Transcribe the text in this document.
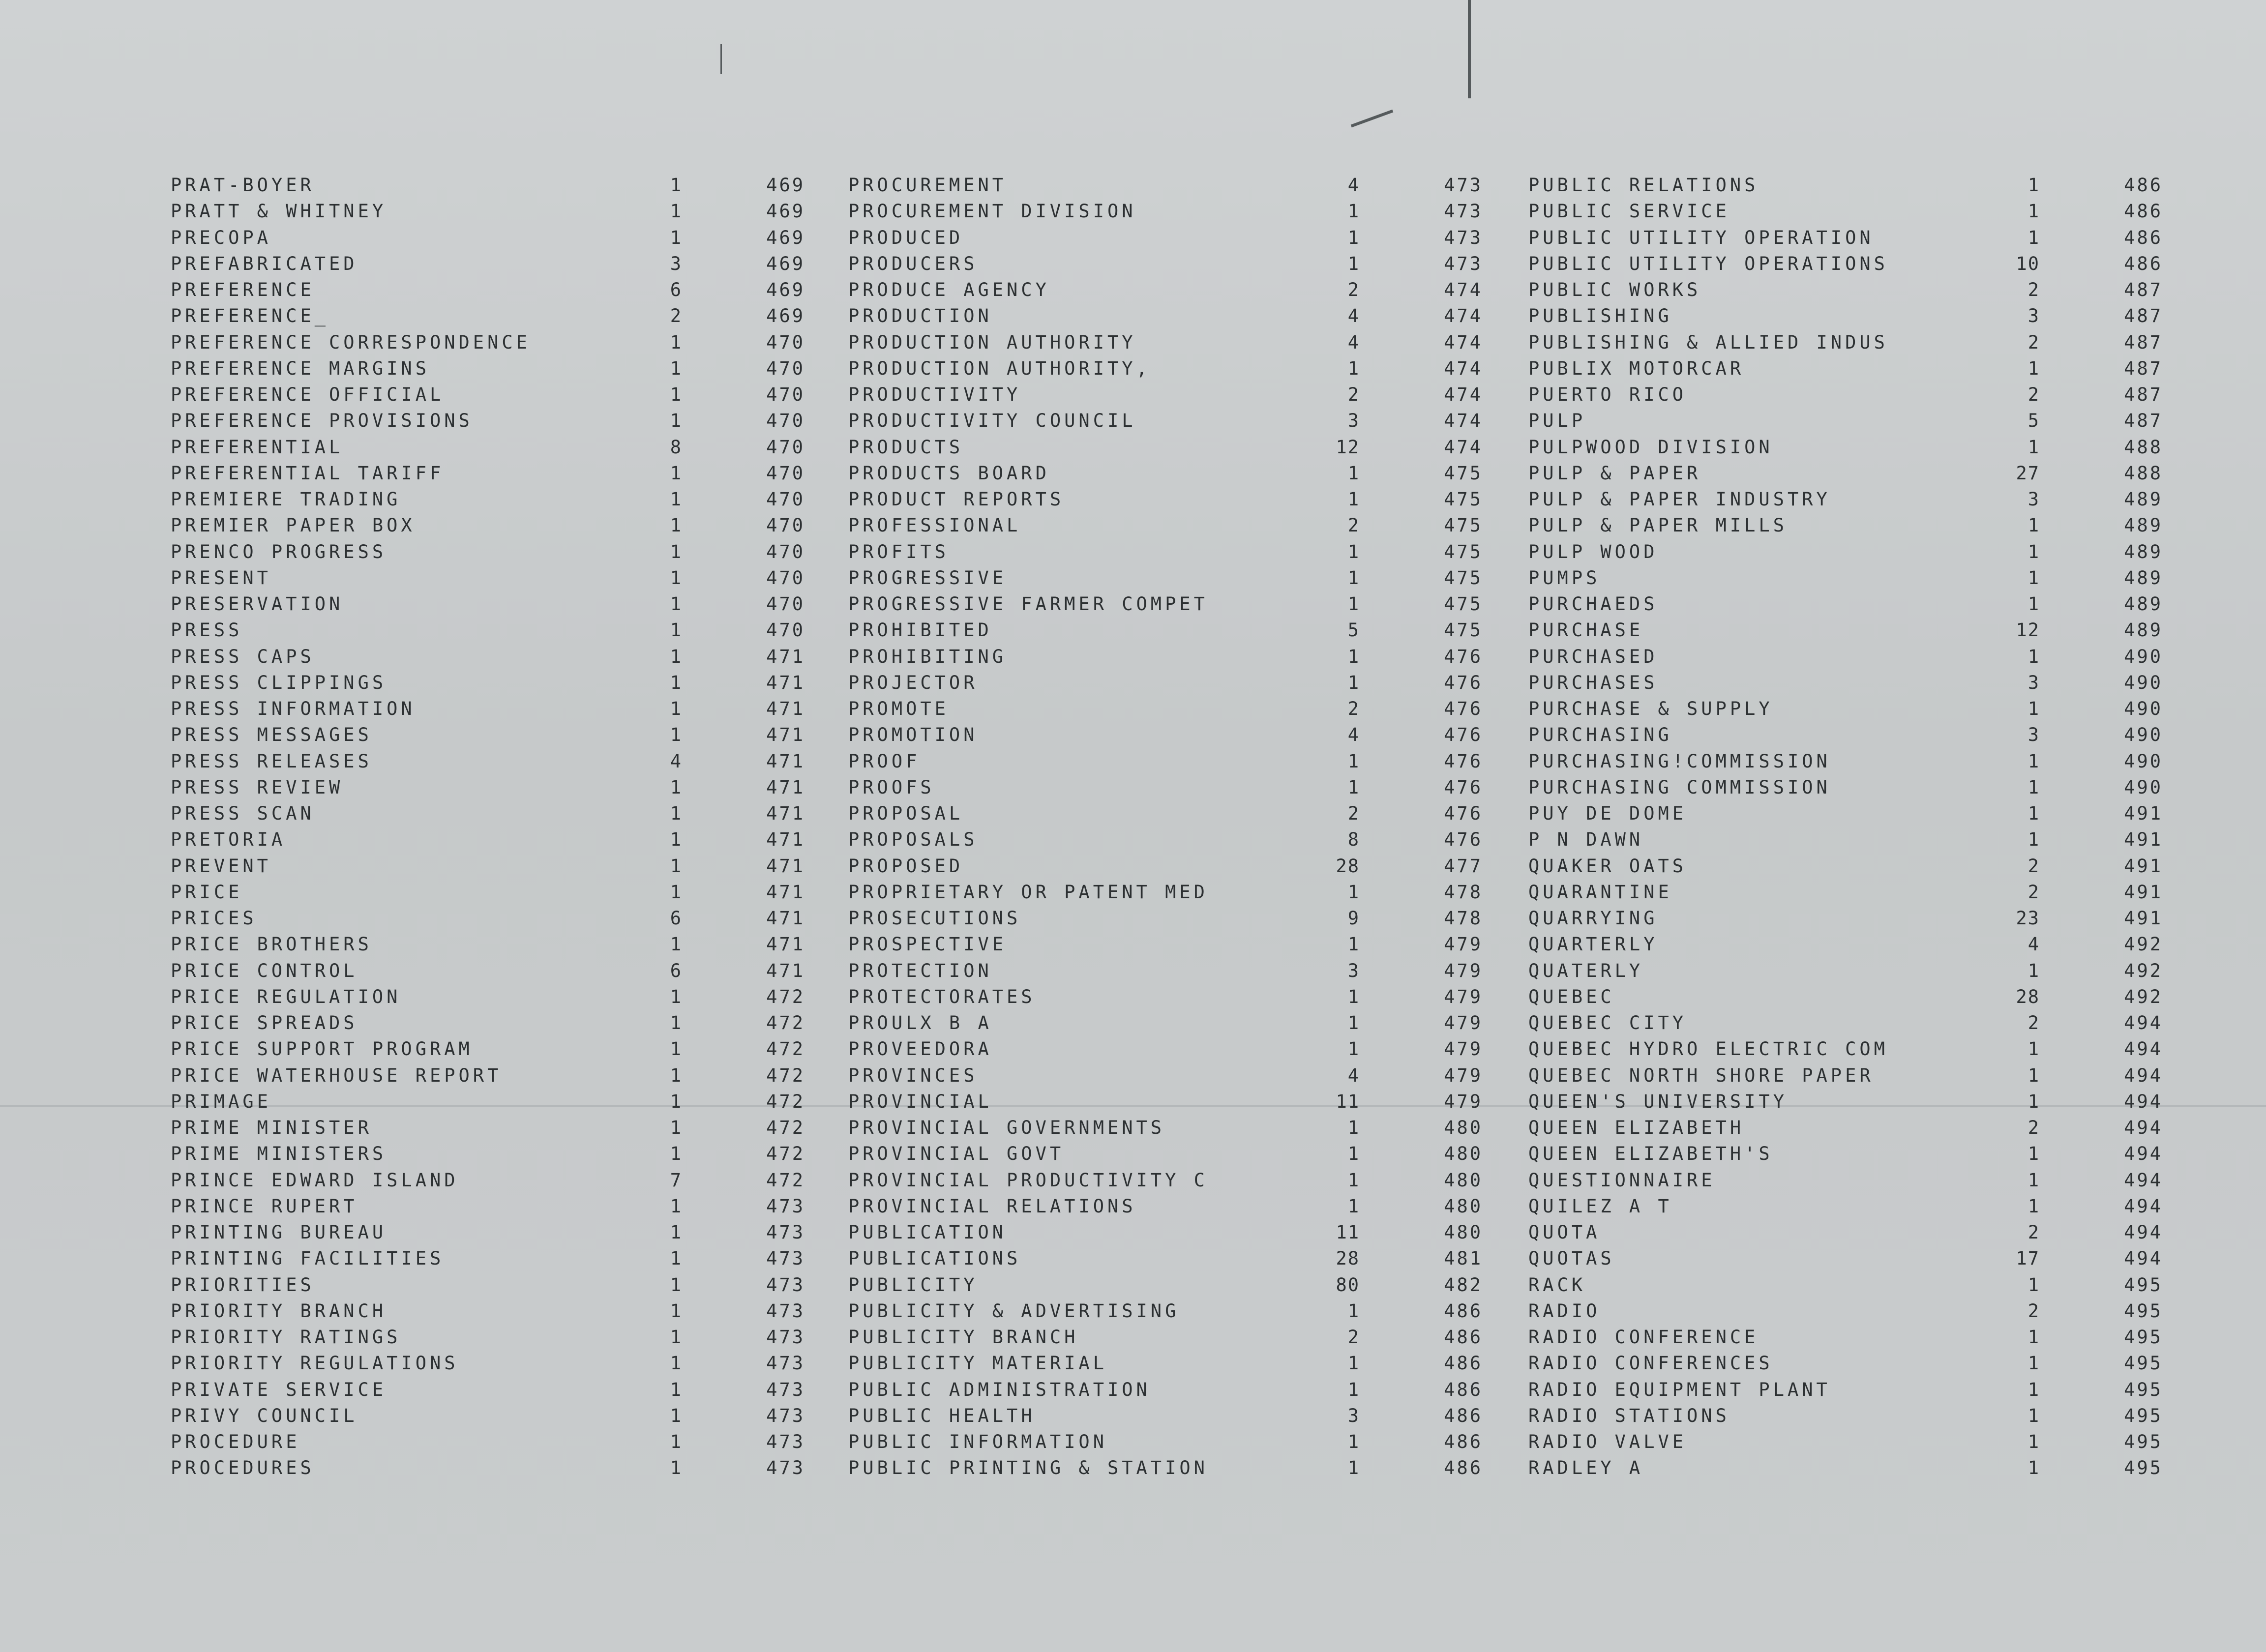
PRAT-BOYER	1	469
PRATT & WHITNEY	1	469
PRECOPA	1	469
PREFABRICATED	3	469
PREFERENCE	6	469
PREFERENCE_	2	469
PREFERENCE CORRESPONDENCE	1	470
PREFERENCE MARGINS	1	470
PREFERENCE OFFICIAL	1	470
PREFERENCE PROVISIONS	1	470
PREFERENTIAL	8	470
PREFERENTIAL TARIFF	1	470
PREMIERE TRADING	1	470
PREMIER PAPER BOX	1	470
PRENCO PROGRESS	1	470
PRESENT	1	470
PRESERVATION	1	470
PRESS	1	470
PRESS CAPS	1	471
PRESS CLIPPINGS	1	471
PRESS INFORMATION	1	471
PRESS MESSAGES	1	471
PRESS RELEASES	4	471
PRESS REVIEW	1	471
PRESS SCAN	1	471
PRETORIA	1	471
PREVENT	1	471
PRICE	1	471
PRICES	6	471
PRICE BROTHERS	1	471
PRICE CONTROL	6	471
PRICE REGULATION	1	472
PRICE SPREADS	1	472
PRICE SUPPORT PROGRAM	1	472
PRICE WATERHOUSE REPORT	1	472
PRIMAGE	1	472
PRIME MINISTER	1	472
PRIME MINISTERS	1	472
PRINCE EDWARD ISLAND	7	472
PRINCE RUPERT	1	473
PRINTING BUREAU	1	473
PRINTING FACILITIES	1	473
PRIORITIES	1	473
PRIORITY BRANCH	1	473
PRIORITY RATINGS	1	473
PRIORITY REGULATIONS	1	473
PRIVATE SERVICE	1	473
PRIVY COUNCIL	1	473
PROCEDURE	1	473
PROCEDURES	1	473
PROCUREMENT	4	473
PROCUREMENT DIVISION	1	473
PRODUCED	1	473
PRODUCERS	1	473
PRODUCE AGENCY	2	474
PRODUCTION	4	474
PRODUCTION AUTHORITY	4	474
PRODUCTION AUTHORITY,	1	474
PRODUCTIVITY	2	474
PRODUCTIVITY COUNCIL	3	474
PRODUCTS	12	474
PRODUCTS BOARD	1	475
PRODUCT REPORTS	1	475
PROFESSIONAL	2	475
PROFITS	1	475
PROGRESSIVE	1	475
PROGRESSIVE FARMER COMPET	1	475
PROHIBITED	5	475
PROHIBITING	1	476
PROJECTOR	1	476
PROMOTE	2	476
PROMOTION	4	476
PROOF	1	476
PROOFS	1	476
PROPOSAL	2	476
PROPOSALS	8	476
PROPOSED	28	477
PROPRIETARY OR PATENT MED	1	478
PROSECUTIONS	9	478
PROSPECTIVE	1	479
PROTECTION	3	479
PROTECTORATES	1	479
PROULX B A	1	479
PROVEEDORA	1	479
PROVINCES	4	479
PROVINCIAL	11	479
PROVINCIAL GOVERNMENTS	1	480
PROVINCIAL GOVT	1	480
PROVINCIAL PRODUCTIVITY C	1	480
PROVINCIAL RELATIONS	1	480
PUBLICATION	11	480
PUBLICATIONS	28	481
PUBLICITY	80	482
PUBLICITY & ADVERTISING	1	486
PUBLICITY BRANCH	2	486
PUBLICITY MATERIAL	1	486
PUBLIC ADMINISTRATION	1	486
PUBLIC HEALTH	3	486
PUBLIC INFORMATION	1	486
PUBLIC PRINTING & STATION	1	486
PUBLIC RELATIONS	1	486
PUBLIC SERVICE	1	486
PUBLIC UTILITY OPERATION	1	486
PUBLIC UTILITY OPERATIONS	10	486
PUBLIC WORKS	2	487
PUBLISHING	3	487
PUBLISHING & ALLIED INDUS	2	487
PUBLIX MOTORCAR	1	487
PUERTO RICO	2	487
PULP	5	487
PULPWOOD DIVISION	1	488
PULP & PAPER	27	488
PULP & PAPER INDUSTRY	3	489
PULP & PAPER MILLS	1	489
PULP WOOD	1	489
PUMPS	1	489
PURCHAEDS	1	489
PURCHASE	12	489
PURCHASED	1	490
PURCHASES	3	490
PURCHASE & SUPPLY	1	490
PURCHASING	3	490
PURCHASING!COMMISSION	1	490
PURCHASING COMMISSION	1	490
PUY DE DOME	1	491
P N DAWN	1	491
QUAKER OATS	2	491
QUARANTINE	2	491
QUARRYING	23	491
QUARTERLY	4	492
QUATERLY	1	492
QUEBEC	28	492
QUEBEC CITY	2	494
QUEBEC HYDRO ELECTRIC COM	1	494
QUEBEC NORTH SHORE PAPER	1	494
QUEEN'S UNIVERSITY	1	494
QUEEN ELIZABETH	2	494
QUEEN ELIZABETH'S	1	494
QUESTIONNAIRE	1	494
QUILEZ A T	1	494
QUOTA	2	494
QUOTAS	17	494
RACK	1	495
RADIO	2	495
RADIO CONFERENCE	1	495
RADIO CONFERENCES	1	495
RADIO EQUIPMENT PLANT	1	495
RADIO STATIONS	1	495
RADIO VALVE	1	495
RADLEY A	1	495
